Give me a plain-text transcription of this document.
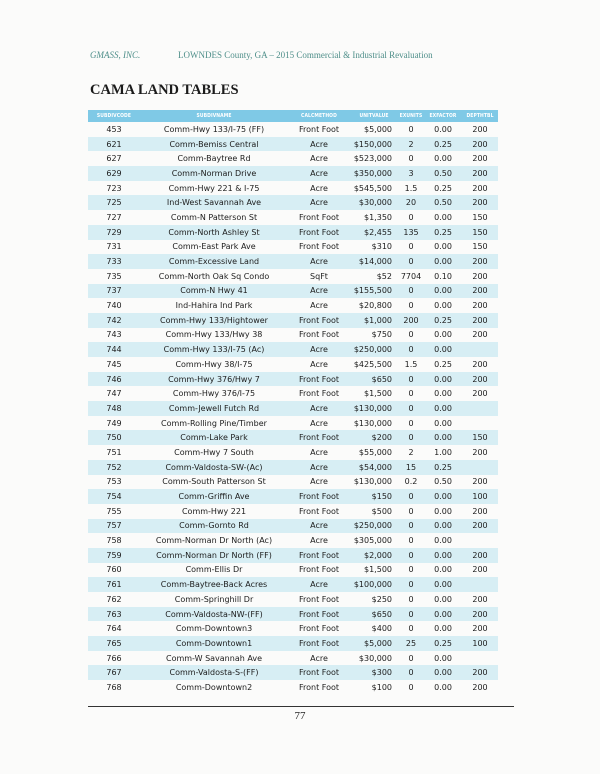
GMASS, INC.	LOWNDES County, GA – 2015 Commercial & Industrial Revaluation
CAMA LAND TABLES
SUBDIVCODE	SUBDIVNAME	CALCMETHOD	UNITVALUE	EXUNITS	EXFACTOR	DEPTHTBL
453	Comm-Hwy 133/I-75 (FF)	Front Foot	$5,000	0	0.00	200
621	Comm-Bemiss Central	Acre	$150,000	2	0.25	200
627	Comm-Baytree Rd	Acre	$523,000	0	0.00	200
629	Comm-Norman Drive	Acre	$350,000	3	0.50	200
723	Comm-Hwy 221 & I-75	Acre	$545,500	1.5	0.25	200
725	Ind-West Savannah Ave	Acre	$30,000	20	0.50	200
727	Comm-N Patterson St	Front Foot	$1,350	0	0.00	150
729	Comm-North Ashley St	Front Foot	$2,455	135	0.25	150
731	Comm-East Park Ave	Front Foot	$310	0	0.00	150
733	Comm-Excessive Land	Acre	$14,000	0	0.00	200
735	Comm-North Oak Sq Condo	SqFt	$52	7704	0.10	200
737	Comm-N Hwy 41	Acre	$155,500	0	0.00	200
740	Ind-Hahira Ind Park	Acre	$20,800	0	0.00	200
742	Comm-Hwy 133/Hightower	Front Foot	$1,000	200	0.25	200
743	Comm-Hwy 133/Hwy 38	Front Foot	$750	0	0.00	200
744	Comm-Hwy 133/I-75 (Ac)	Acre	$250,000	0	0.00	
745	Comm-Hwy 38/I-75	Acre	$425,500	1.5	0.25	200
746	Comm-Hwy 376/Hwy 7	Front Foot	$650	0	0.00	200
747	Comm-Hwy 376/I-75	Front Foot	$1,500	0	0.00	200
748	Comm-Jewell Futch Rd	Acre	$130,000	0	0.00	
749	Comm-Rolling Pine/Timber	Acre	$130,000	0	0.00	
750	Comm-Lake Park	Front Foot	$200	0	0.00	150
751	Comm-Hwy 7 South	Acre	$55,000	2	1.00	200
752	Comm-Valdosta-SW-(Ac)	Acre	$54,000	15	0.25	
753	Comm-South Patterson St	Acre	$130,000	0.2	0.50	200
754	Comm-Griffin Ave	Front Foot	$150	0	0.00	100
755	Comm-Hwy 221	Front Foot	$500	0	0.00	200
757	Comm-Gornto Rd	Acre	$250,000	0	0.00	200
758	Comm-Norman Dr North (Ac)	Acre	$305,000	0	0.00	
759	Comm-Norman Dr North (FF)	Front Foot	$2,000	0	0.00	200
760	Comm-Ellis Dr	Front Foot	$1,500	0	0.00	200
761	Comm-Baytree-Back Acres	Acre	$100,000	0	0.00	
762	Comm-Springhill Dr	Front Foot	$250	0	0.00	200
763	Comm-Valdosta-NW-(FF)	Front Foot	$650	0	0.00	200
764	Comm-Downtown3	Front Foot	$400	0	0.00	200
765	Comm-Downtown1	Front Foot	$5,000	25	0.25	100
766	Comm-W Savannah Ave	Acre	$30,000	0	0.00	
767	Comm-Valdosta-S-(FF)	Front Foot	$300	0	0.00	200
768	Comm-Downtown2	Front Foot	$100	0	0.00	200
77
